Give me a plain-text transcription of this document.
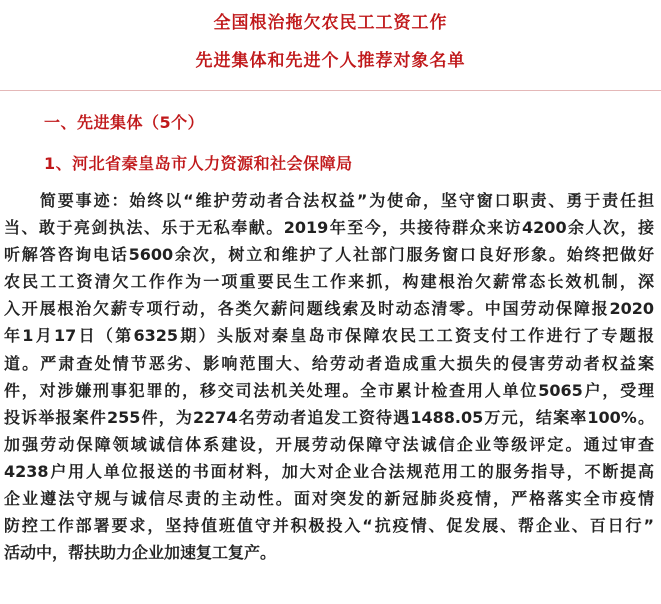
全国根治拖欠农民工工资工作
先进集体和先进个人推荐对象名单
一、先进集体（5个）
1、河北省秦皇岛市人力资源和社会保障局
　　简要事迹：始终以“维护劳动者合法权益”为使命，坚守窗口职责、勇于责任担
当、敢于亮剑执法、乐于无私奉献。2019年至今，共接待群众来访4200余人次，接
听解答咨询电话5600余次，树立和维护了人社部门服务窗口良好形象。始终把做好
农民工工资清欠工作作为一项重要民生工作来抓，构建根治欠薪常态长效机制，深
入开展根治欠薪专项行动，各类欠薪问题线索及时动态清零。中国劳动保障报2020
年1月17日（第6325期）头版对秦皇岛市保障农民工工资支付工作进行了专题报
道。严肃查处情节恶劣、影响范围大、给劳动者造成重大损失的侵害劳动者权益案
件，对涉嫌刑事犯罪的，移交司法机关处理。全市累计检查用人单位5065户，受理
投诉举报案件255件，为2274名劳动者追发工资待遇1488.05万元，结案率100%。
加强劳动保障领域诚信体系建设，开展劳动保障守法诚信企业等级评定。通过审查
4238户用人单位报送的书面材料，加大对企业合法规范用工的服务指导，不断提高
企业遵法守规与诚信尽责的主动性。面对突发的新冠肺炎疫情，严格落实全市疫情
防控工作部署要求，坚持值班值守并积极投入“抗疫情、促发展、帮企业、百日行”
活动中，帮扶助力企业加速复工复产。
